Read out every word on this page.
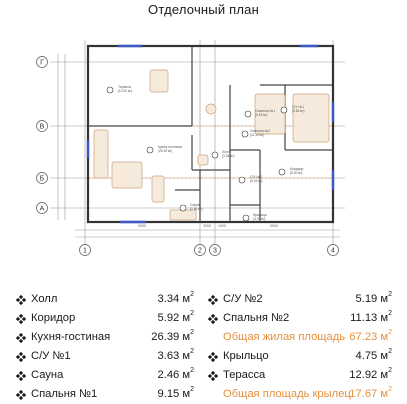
Отделочный план
Г
В
Б
А
1	2 3	4
Терасса
(12.92 м²)
Кухня-гостиная
(26.39 м²)
Спальня №1
(9.15 м²)
Спальня №2
(11.13 м²)
Коридор
(5.92 м²)
С/У №1
(3.63 м²)
С/У №2
(5.19 м²)
Холл
(3.34 м²)
Сауна
(2.46 м²)
Крыльцо
(4.75 м²)
3000	3000 1000	3500
Холл	3.34 $м^2$
Коридор	5.92 $м^2$
Кухня-гостиная	26.39 $м^2$
С/У №1	3.63 $м^2$
Сауна	2.46 $м^2$
Спальня №1	9.15 $м^2$
С/У №2	5.19 $м^2$
Спальня №2	11.13 $м^2$
Общая жилая площадь 67.23 $м^2$
Крыльцо	4.75 $м^2$
Терасса	12.92 $м^2$
Общая площадь крылец
17.67 $м^2$
